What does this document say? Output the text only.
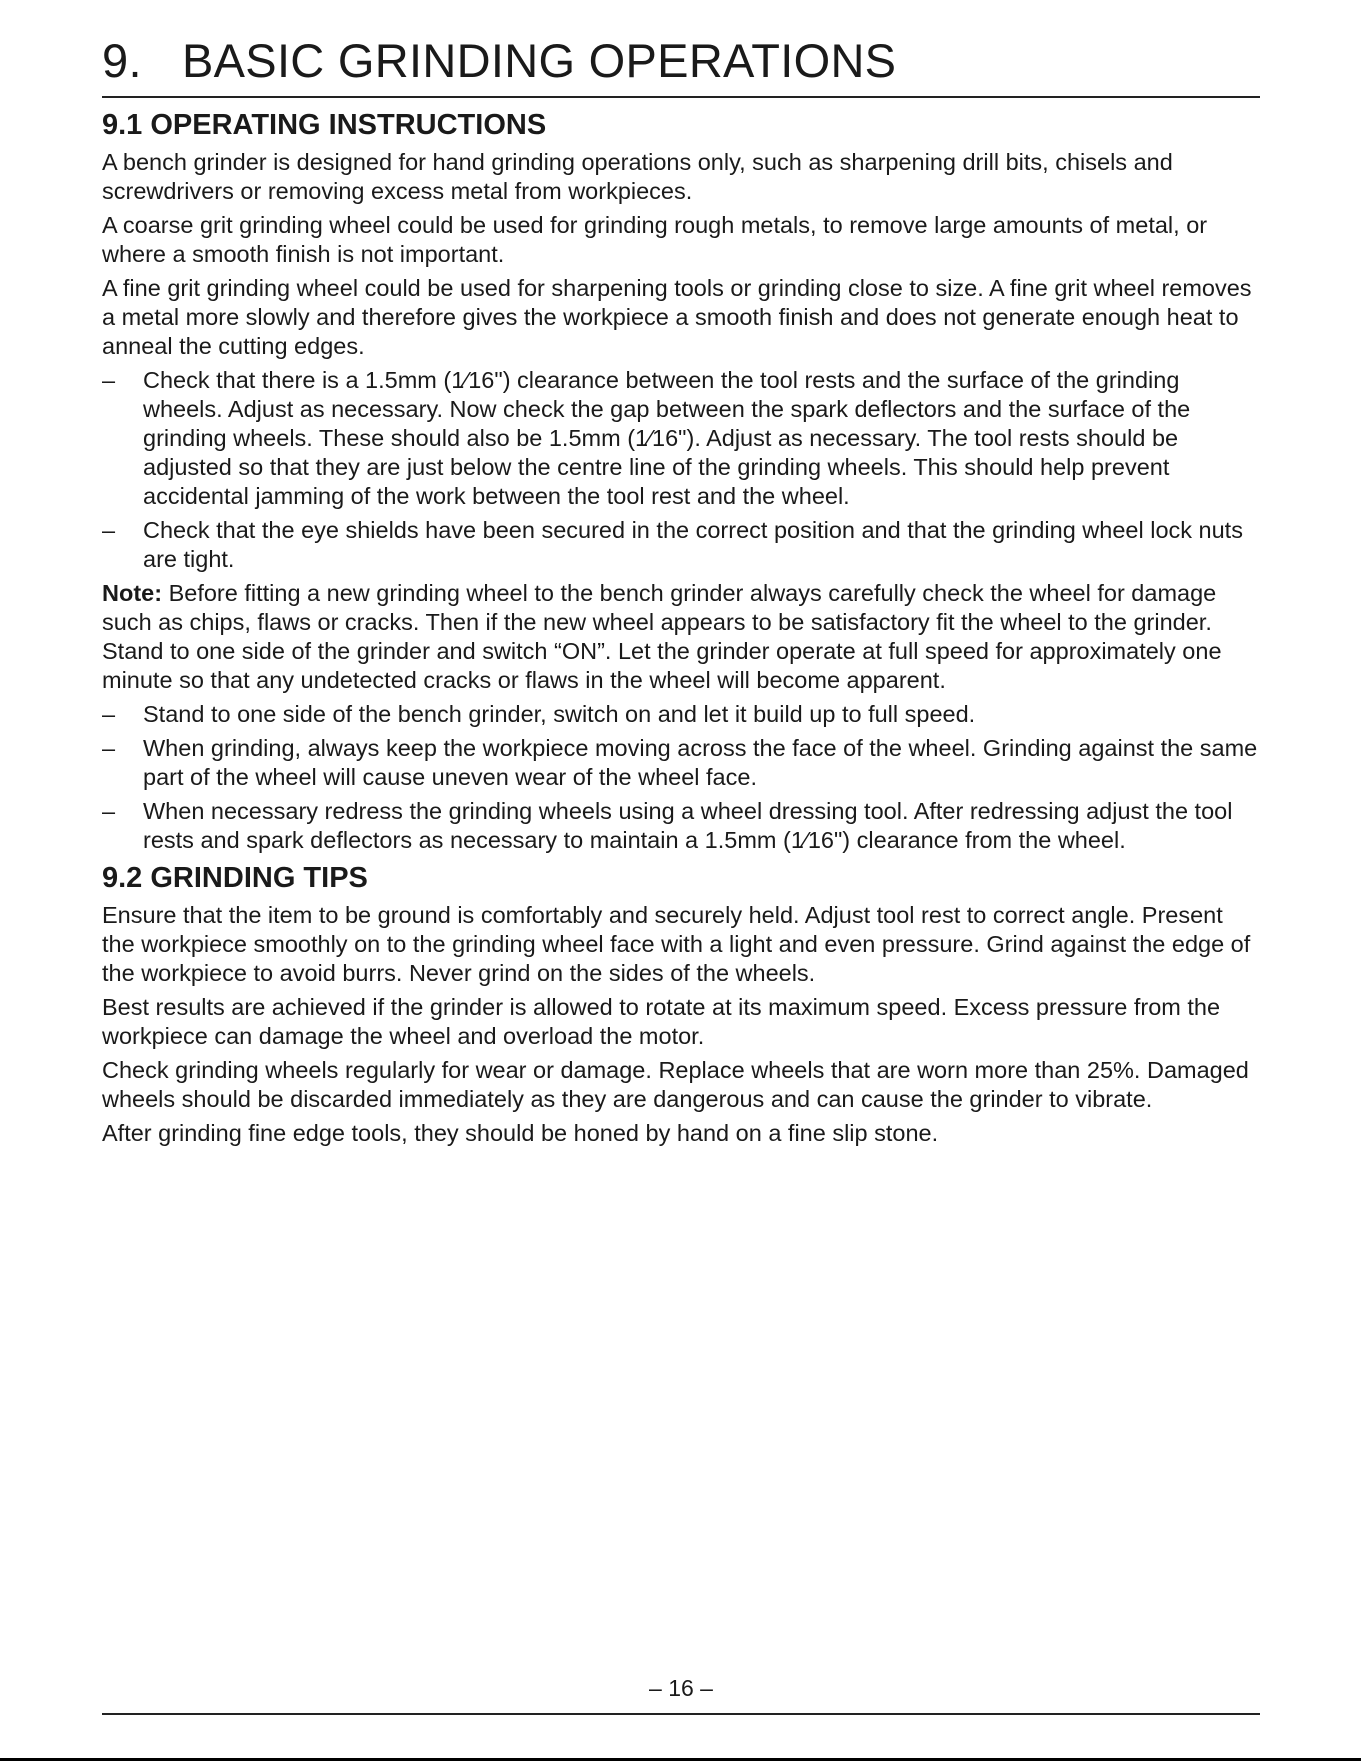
9. BASIC GRINDING OPERATIONS
9.1 OPERATING INSTRUCTIONS

A bench grinder is designed for hand grinding operations only, such as sharpening drill bits, chisels and screwdrivers or removing excess metal from workpieces.

A coarse grit grinding wheel could be used for grinding rough metals, to remove large amounts of metal, or where a smooth finish is not important.

A fine grit grinding wheel could be used for sharpening tools or grinding close to size. A fine grit wheel removes a metal more slowly and therefore gives the workpiece a smooth finish and does not generate enough heat to anneal the cutting edges.

– Check that there is a 1.5mm (1⁄16") clearance between the tool rests and the surface of the grinding wheels. Adjust as necessary. Now check the gap between the spark deflectors and the surface of the grinding wheels. These should also be 1.5mm (1⁄16"). Adjust as necessary. The tool rests should be adjusted so that they are just below the centre line of the grinding wheels. This should help prevent accidental jamming of the work between the tool rest and the wheel.
– Check that the eye shields have been secured in the correct position and that the grinding wheel lock nuts are tight.

Note: Before fitting a new grinding wheel to the bench grinder always carefully check the wheel for damage such as chips, flaws or cracks. Then if the new wheel appears to be satisfactory fit the wheel to the grinder. Stand to one side of the grinder and switch “ON”. Let the grinder operate at full speed for approximately one minute so that any undetected cracks or flaws in the wheel will become apparent.

– Stand to one side of the bench grinder, switch on and let it build up to full speed.
– When grinding, always keep the workpiece moving across the face of the wheel. Grinding against the same part of the wheel will cause uneven wear of the wheel face.
– When necessary redress the grinding wheels using a wheel dressing tool. After redressing adjust the tool rests and spark deflectors as necessary to maintain a 1.5mm (1⁄16") clearance from the wheel.
9.2 GRINDING TIPS

Ensure that the item to be ground is comfortably and securely held. Adjust tool rest to correct angle. Present the workpiece smoothly on to the grinding wheel face with a light and even pressure. Grind against the edge of the workpiece to avoid burrs. Never grind on the sides of the wheels.

Best results are achieved if the grinder is allowed to rotate at its maximum speed. Excess pressure from the workpiece can damage the wheel and overload the motor.

Check grinding wheels regularly for wear or damage. Replace wheels that are worn more than 25%. Damaged wheels should be discarded immediately as they are dangerous and can cause the grinder to vibrate.

After grinding fine edge tools, they should be honed by hand on a fine slip stone.

– 16 –
